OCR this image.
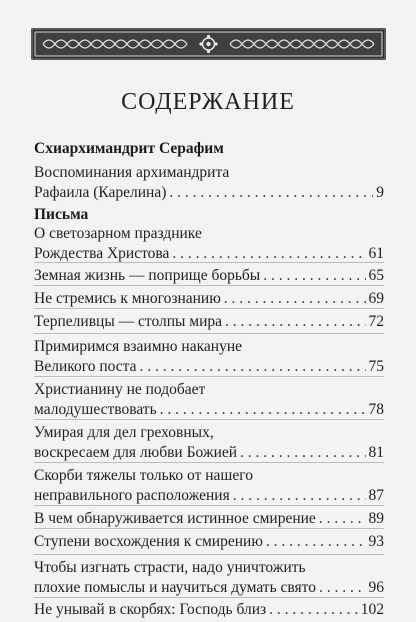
СОДЕРЖАНИЕ
Схиархимандрит Серафим
Воспоминания архимандрита
Рафаила (Карелина) . . .	9
Письма
О светозарном празднике
Рождества Христова . . .	61
Земная жизнь — поприще борьбы . . .	65
Не стремись к многознанию . . .	69
Терпеливцы — столпы мира . . .	72
Примиримся взаимно накануне
Великого поста . . .	75
Христианину не подобает
малодушествовать . . .	78
Умирая для дел греховных,
воскресаем для любви Божией . . .	81
Скорби тяжелы только от нашего
неправильного расположения . . .	87
В чем обнаруживается истинное смирение . . .	89
Ступени восхождения к смирению . . .	93
Чтобы изгнать страсти, надо уничтожить
плохие помыслы и научиться думать свято . . .	96
Не унывай в скорбях: Господь близ . . .	102
